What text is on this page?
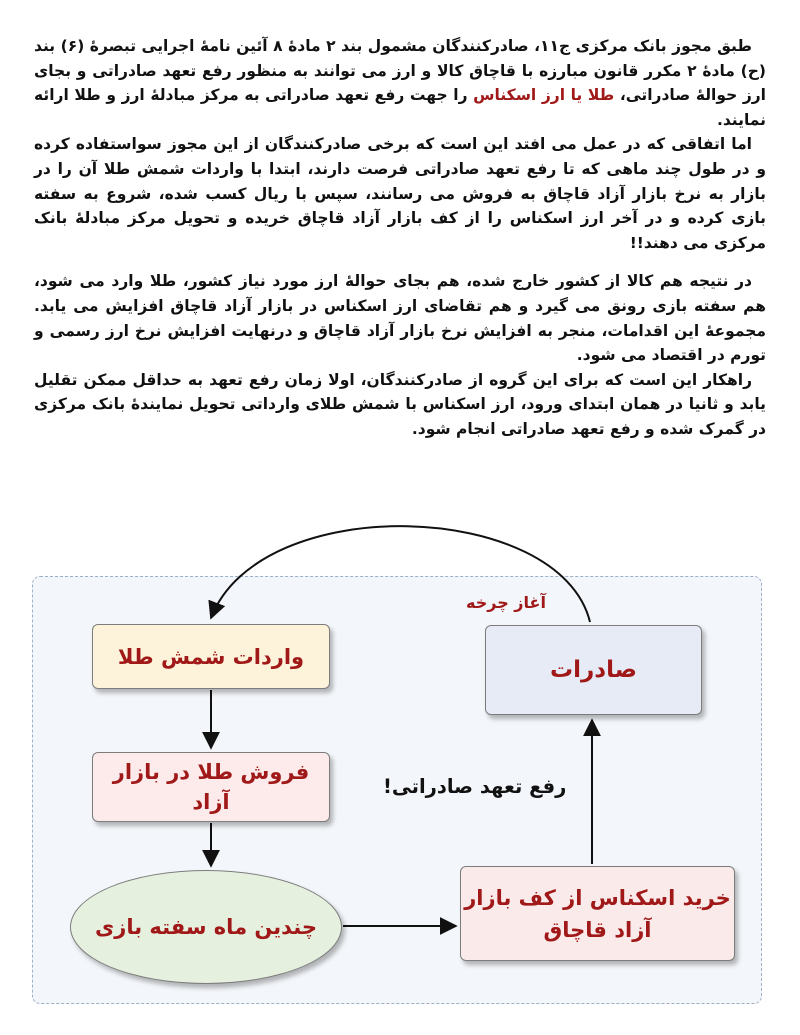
طبق مجوز بانک مرکزی ج۱۱، صادرکنندگان مشمول بند ۲ مادهٔ ۸ آئین نامهٔ اجرایی تبصرهٔ (۶) بند (ح) مادهٔ ۲ مکرر قانون مبارزه با قاچاق کالا و ارز می توانند به منظور رفع تعهد صادراتی و بجای ارز حوالهٔ صادراتی، طلا یا ارز اسکناس را جهت رفع تعهد صادراتی به مرکز مبادلهٔ ارز و طلا ارائه نمایند.

اما اتفاقی که در عمل می افتد این است که برخی صادرکنندگان از این مجوز سواستفاده کرده و در طول چند ماهی که تا رفع تعهد صادراتی فرصت دارند، ابتدا با واردات شمش طلا آن را در بازار به نرخ بازار آزاد قاچاق به فروش می رسانند، سپس با ریال کسب شده، شروع به سفته بازی کرده و در آخر ارز اسکناس را از کف بازار آزاد قاچاق خریده و تحویل مرکز مبادلهٔ بانک مرکزی می دهند!!

در نتیجه هم کالا از کشور خارج شده، هم بجای حوالهٔ ارز مورد نیاز کشور، طلا وارد می شود، هم سفته بازی رونق می گیرد و هم تقاضای ارز اسکناس در بازار آزاد قاچاق افزایش می یابد. مجموعهٔ این اقدامات، منجر به افزایش نرخ بازار آزاد قاچاق و درنهایت افزایش نرخ ارز رسمی و تورم در اقتصاد می شود.

راهکار این است که برای این گروه از صادرکنندگان، اولا زمان رفع تعهد به حداقل ممکن تقلیل یابد و ثانیا در همان ابتدای ورود، ارز اسکناس با شمش طلای وارداتی تحویل نمایندهٔ بانک مرکزی در گمرک شده و رفع تعهد صادراتی انجام شود.

آغاز چرخه
صادرات
واردات شمش طلا
فروش طلا در بازار آزاد
چندین ماه سفته بازی
خرید اسکناس از کف بازار آزاد قاچاق
رفع تعهد صادراتی!
